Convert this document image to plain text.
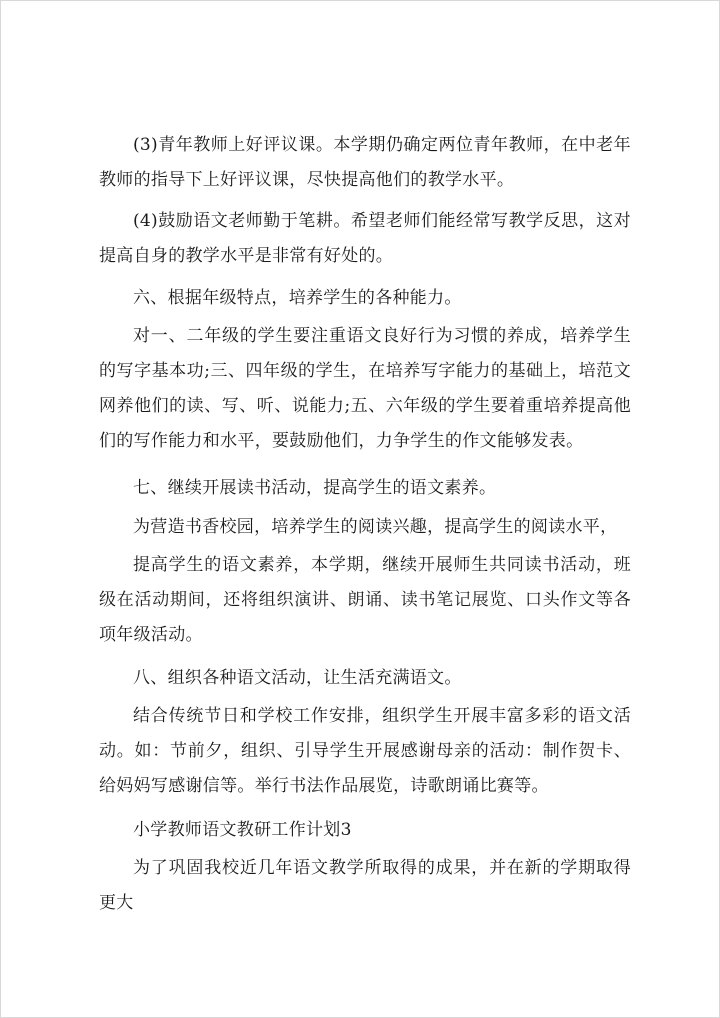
(3)青年教师上好评议课。本学期仍确定两位青年教师，在中老年教师的指导下上好评议课，尽快提高他们的教学水平。

(4)鼓励语文老师勤于笔耕。希望老师们能经常写教学反思，这对提高自身的教学水平是非常有好处的。

六、根据年级特点，培养学生的各种能力。

对一、二年级的学生要注重语文良好行为习惯的养成，培养学生的写字基本功;三、四年级的学生，在培养写字能力的基础上，培范文网养他们的读、写、听、说能力;五、六年级的学生要着重培养提高他们的写作能力和水平，要鼓励他们，力争学生的作文能够发表。

七、继续开展读书活动，提高学生的语文素养。

为营造书香校园，培养学生的阅读兴趣，提高学生的阅读水平，

提高学生的语文素养，本学期，继续开展师生共同读书活动，班级在活动期间，还将组织演讲、朗诵、读书笔记展览、口头作文等各项年级活动。

八、组织各种语文活动，让生活充满语文。

结合传统节日和学校工作安排，组织学生开展丰富多彩的语文活动。如：节前夕，组织、引导学生开展感谢母亲的活动：制作贺卡、给妈妈写感谢信等。举行书法作品展览，诗歌朗诵比赛等。

小学教师语文教研工作计划3

为了巩固我校近几年语文教学所取得的成果，并在新的学期取得更大
